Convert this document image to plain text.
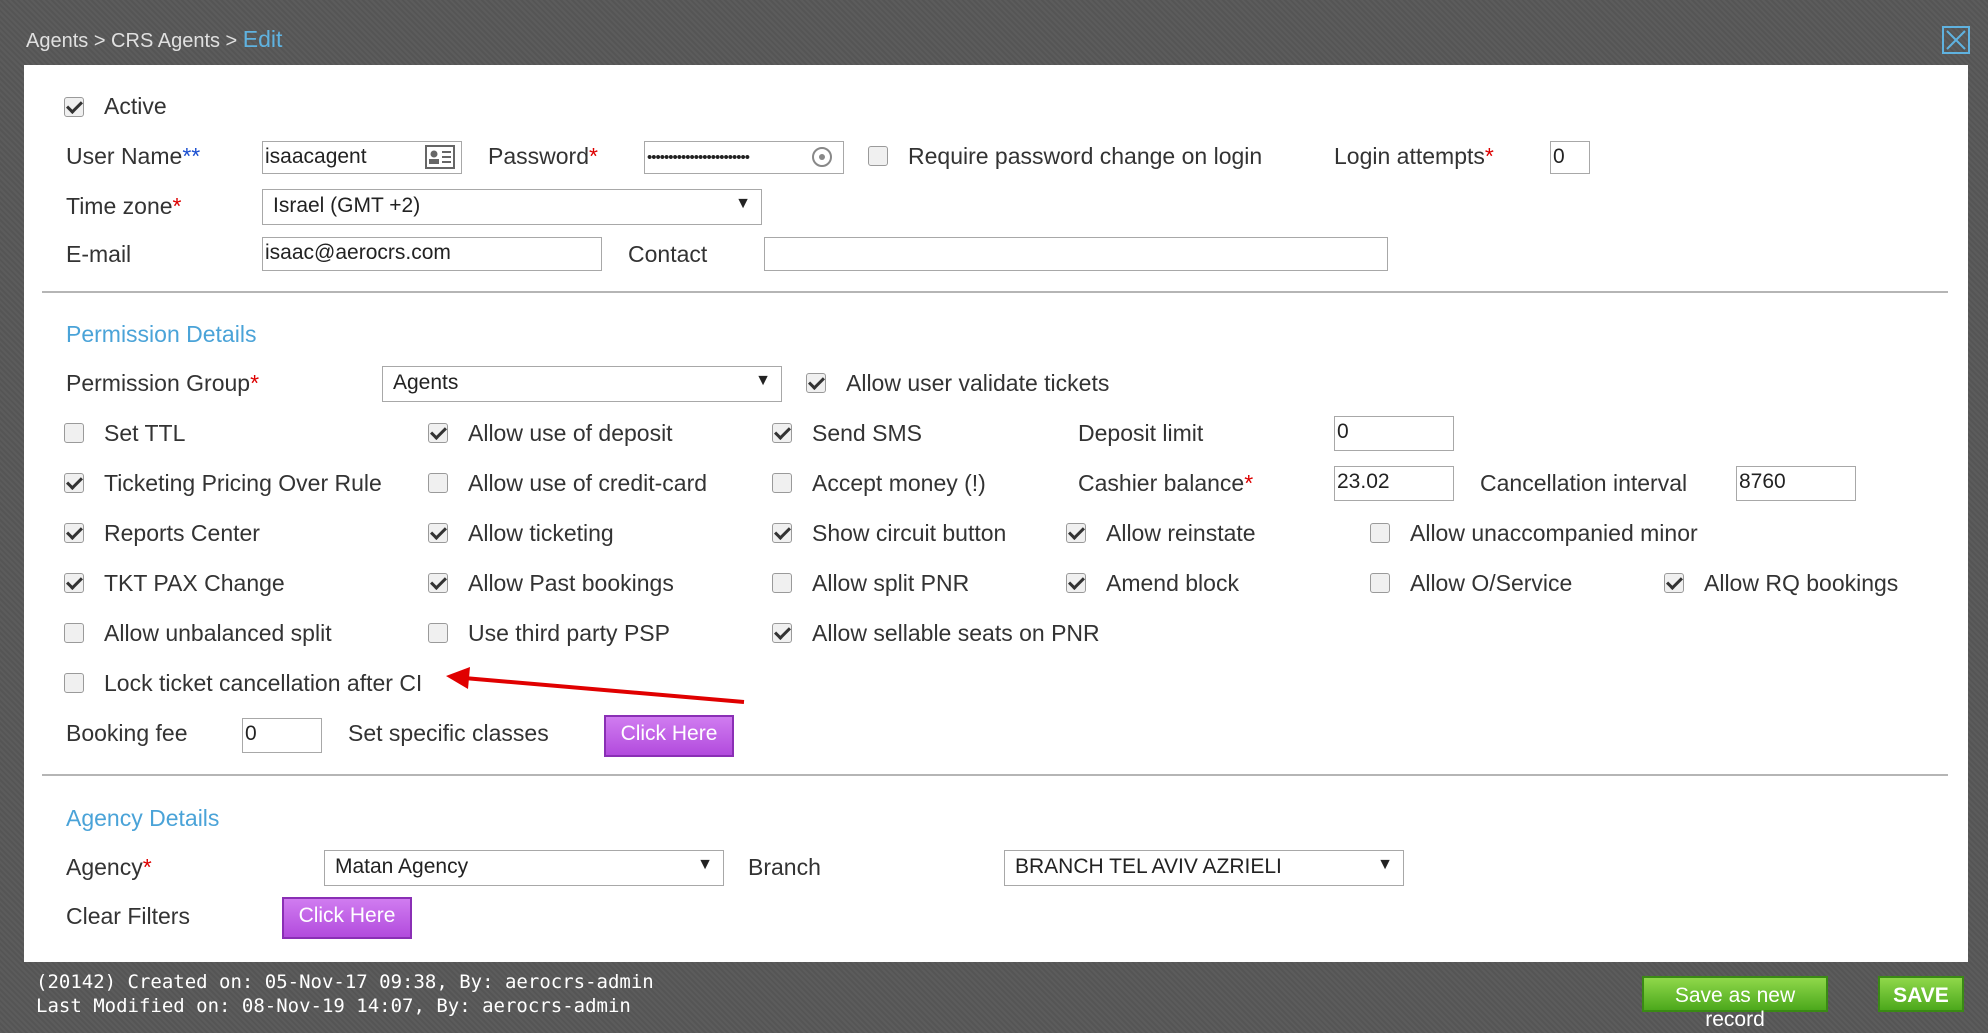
Agents > CRS Agents > Edit
Active
User Name**	isaacagent	Password*	••••••••••••••••••••••••	Require password change on login	Login attempts*	0
Time zone*	Israel (GMT +2)	▼
E-mail	isaac@aerocrs.com	Contact
Permission Details
Permission Group*	Agents	▼	Allow user validate tickets
Set TTL	Allow use of deposit	Send SMS	Deposit limit	0
Ticketing Pricing Over Rule	Allow use of credit-card	Accept money (!)	Cashier balance*	23.02	Cancellation interval 8760
Reports Center	Allow ticketing	Show circuit button	Allow reinstate	Allow unaccompanied minor
TKT PAX Change	Allow Past bookings	Allow split PNR	Amend block	Allow O/Service	Allow RQ bookings
Allow unbalanced split	Use third party PSP	Allow sellable seats on PNR
Lock ticket cancellation after CI
Booking fee	0	Set specific classes	Click Here
Agency Details
Agency*	Matan Agency	▼ Branch	BRANCH TEL AVIV AZRIELI	▼
Clear Filters	Click Here
(20142) Created on: 05-Nov-17 09:38, By: aerocrs-admin
Last Modified on: 08-Nov-19 14:07, By: aerocrs-admin	Save as new record
SAVE
